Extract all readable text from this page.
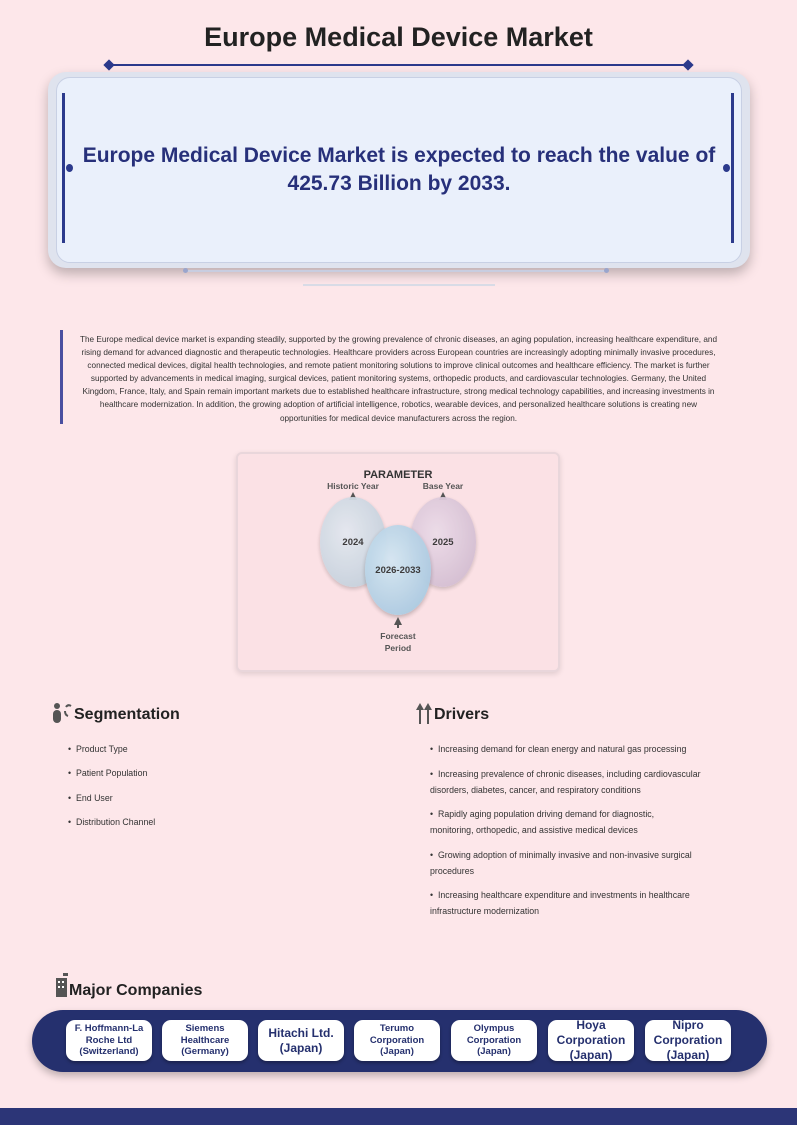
Europe Medical Device Market
Europe Medical Device Market is expected to reach the value of 425.73 Billion by 2033.
The Europe medical device market is expanding steadily, supported by the growing prevalence of chronic diseases, an aging population, increasing healthcare expenditure, and rising demand for advanced diagnostic and therapeutic technologies. Healthcare providers across European countries are increasingly adopting minimally invasive procedures, connected medical devices, digital health technologies, and remote patient monitoring solutions to improve clinical outcomes and healthcare efficiency. The market is further supported by advancements in medical imaging, surgical devices, patient monitoring systems, orthopedic products, and cardiovascular technologies. Germany, the United Kingdom, France, Italy, and Spain remain important markets due to established healthcare infrastructure, strong medical technology capabilities, and increasing investments in healthcare modernization. In addition, the growing adoption of artificial intelligence, robotics, wearable devices, and personalized healthcare solutions is creating new opportunities for medical device manufacturers across the region.
PARAMETER
Historic Year	Base Year
2024	2025
2026-2033
Forecast
Period
Segmentation
•  Product Type
•  Patient Population
•  End User
•  Distribution Channel
Drivers
•  Increasing demand for clean energy and natural gas processing
•  Increasing prevalence of chronic diseases, including cardiovascular
disorders, diabetes, cancer, and respiratory conditions
•  Rapidly aging population driving demand for diagnostic,
monitoring, orthopedic, and assistive medical devices
•  Growing adoption of minimally invasive and non-invasive surgical
procedures
•  Increasing healthcare expenditure and investments in healthcare
infrastructure modernization
Major Companies
F. Hoffmann-La
Roche Ltd
(Switzerland)
Siemens
Healthcare
(Germany)
Hitachi Ltd.
(Japan)
Terumo
Corporation
(Japan)
Olympus
Corporation
(Japan)
Hoya
Corporation
(Japan)
Nipro
Corporation
(Japan)
